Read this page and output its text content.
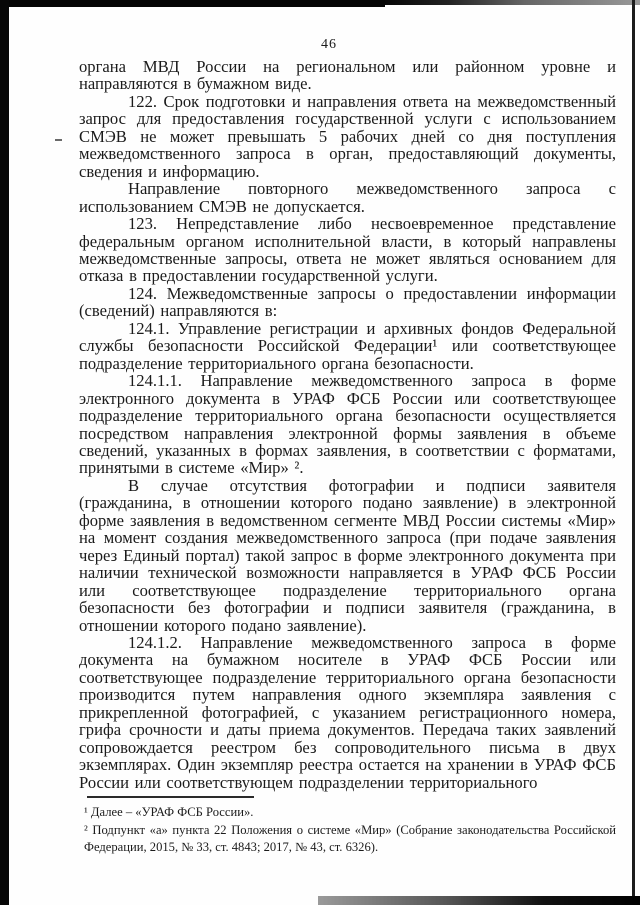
46

органа МВД России на региональном или районном уровне и направляются в бумажном виде.

122. Срок подготовки и направления ответа на межведомственный запрос для предоставления государственной услуги с использованием СМЭВ не может превышать 5 рабочих дней со дня поступления межведомственного запроса в орган, предоставляющий документы, сведения и информацию.

Направление повторного межведомственного запроса с использованием СМЭВ не допускается.

123. Непредставление либо несвоевременное представление федеральным органом исполнительной власти, в который направлены межведомственные запросы, ответа не может являться основанием для отказа в предоставлении государственной услуги.

124. Межведомственные запросы о предоставлении информации (сведений) направляются в:

124.1. Управление регистрации и архивных фондов Федеральной службы безопасности Российской Федерации¹ или соответствующее подразделение территориального органа безопасности.

124.1.1. Направление межведомственного запроса в форме электронного документа в УРАФ ФСБ России или соответствующее подразделение территориального органа безопасности осуществляется посредством направления электронной формы заявления в объеме сведений, указанных в формах заявления, в соответствии с форматами, принятыми в системе «Мир» ².

В случае отсутствия фотографии и подписи заявителя (гражданина, в отношении которого подано заявление) в электронной форме заявления в ведомственном сегменте МВД России системы «Мир» на момент создания межведомственного запроса (при подаче заявления через Единый портал) такой запрос в форме электронного документа при наличии технической возможности направляется в УРАФ ФСБ России или соответствующее подразделение территориального органа безопасности без фотографии и подписи заявителя (гражданина, в отношении которого подано заявление).

124.1.2. Направление межведомственного запроса в форме документа на бумажном носителе в УРАФ ФСБ России или соответствующее подразделение территориального органа безопасности производится путем направления одного экземпляра заявления с прикрепленной фотографией, с указанием регистрационного номера, грифа срочности и даты приема документов. Передача таких заявлений сопровождается реестром без сопроводительного письма в двух экземплярах. Один экземпляр реестра остается на хранении в УРАФ ФСБ России или соответствующем подразделении территориального

¹ Далее – «УРАФ ФСБ России».

² Подпункт «а» пункта 22 Положения о системе «Мир» (Собрание законодательства Российской Федерации, 2015, № 33, ст. 4843; 2017, № 43, ст. 6326).
